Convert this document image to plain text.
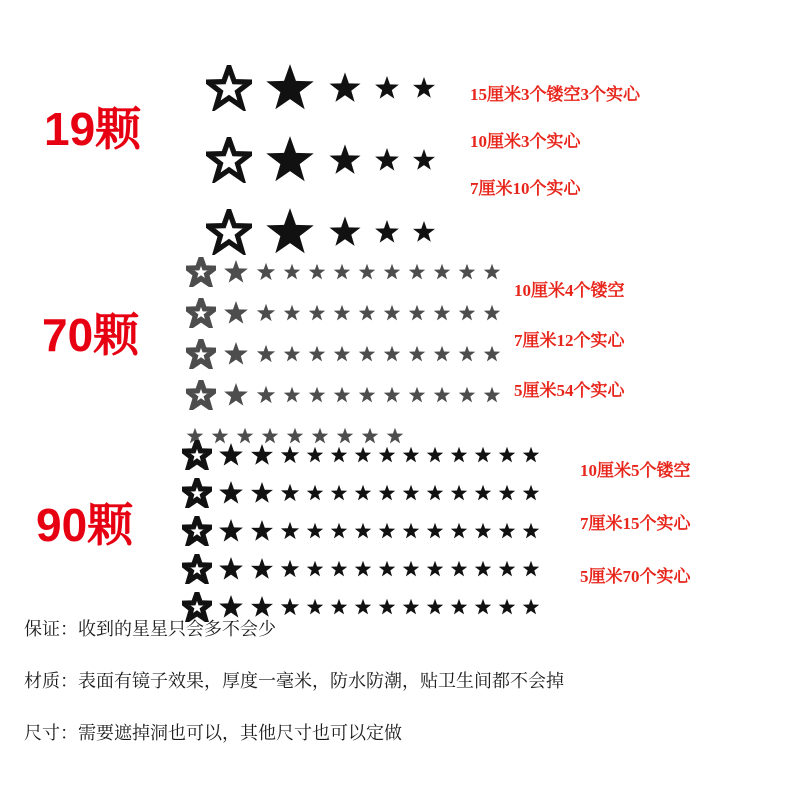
19颗
15厘米3个镂空3个实心
10厘米3个实心
7厘米10个实心
70颗
10厘米4个镂空
7厘米12个实心
5厘米54个实心
90颗
10厘米5个镂空
7厘米15个实心
5厘米70个实心
保证：收到的星星只会多不会少
材质：表面有镜子效果，厚度一毫米，防水防潮，贴卫生间都不会掉
尺寸：需要遮掉洞也可以，其他尺寸也可以定做
